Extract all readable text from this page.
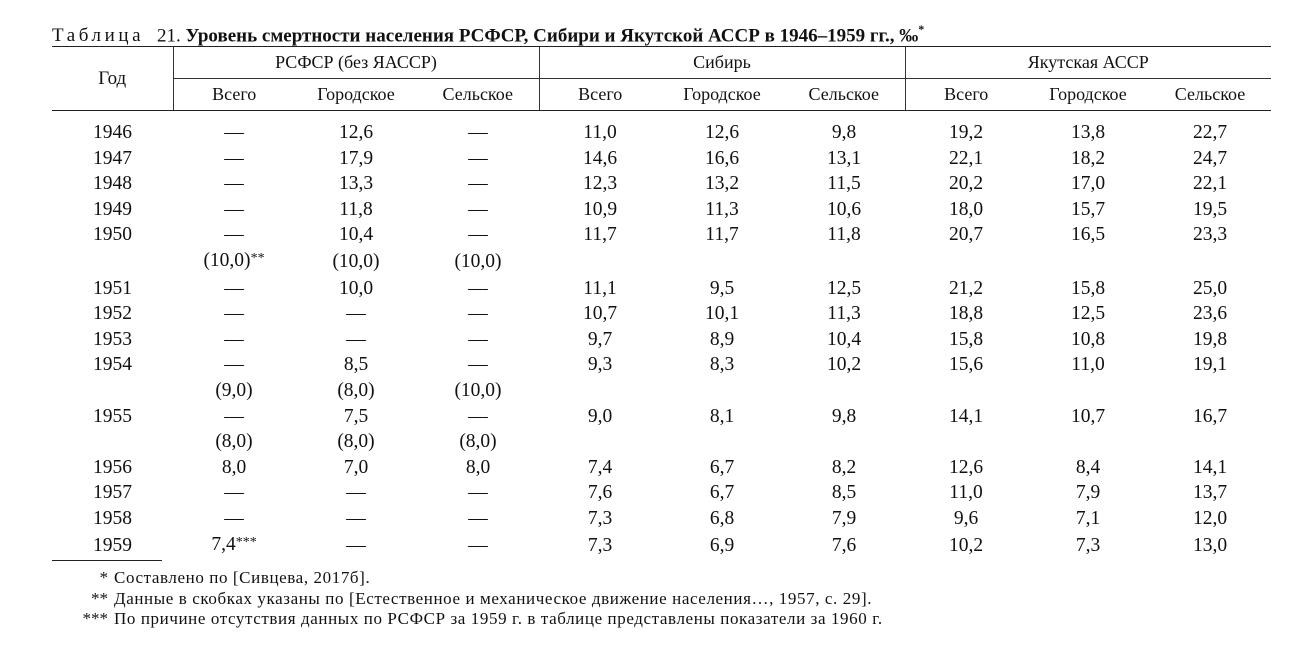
Таблица 21. Уровень смертности населения РСФСР, Сибири и Якутской АССР в 1946–1959 гг., ‰*
Год	РСФСР (без ЯАССР)			Сибирь			Якутская АССР		
	Всего	Городское	Сельское	Всего	Городское	Сельское	Всего	Городское	Сельское
1946	—	12,6	—	11,0	12,6	9,8	19,2	13,8	22,7
1947	—	17,9	—	14,6	16,6	13,1	22,1	18,2	24,7
1948	—	13,3	—	12,3	13,2	11,5	20,2	17,0	22,1
1949	—	11,8	—	10,9	11,3	10,6	18,0	15,7	19,5
1950	—	10,4	—	11,7	11,7	11,8	20,7	16,5	23,3
	(10,0)**	(10,0)	(10,0)						
1951	—	10,0	—	11,1	9,5	12,5	21,2	15,8	25,0
1952	—	—	—	10,7	10,1	11,3	18,8	12,5	23,6
1953	—	—	—	9,7	8,9	10,4	15,8	10,8	19,8
1954	—	8,5	—	9,3	8,3	10,2	15,6	11,0	19,1
	(9,0)	(8,0)	(10,0)						
1955	—	7,5	—	9,0	8,1	9,8	14,1	10,7	16,7
	(8,0)	(8,0)	(8,0)						
1956	8,0	7,0	8,0	7,4	6,7	8,2	12,6	8,4	14,1
1957	—	—	—	7,6	6,7	8,5	11,0	7,9	13,7
1958	—	—	—	7,3	6,8	7,9	9,6	7,1	12,0
1959	7,4***	—	—	7,3	6,9	7,6	10,2	7,3	13,0
* Составлено по [Сивцева, 2017б].
** Данные в скобках указаны по [Естественное и механическое движение населения…, 1957, с. 29].
*** По причине отсутствия данных по РСФСР за 1959 г. в таблице представлены показатели за 1960 г.
